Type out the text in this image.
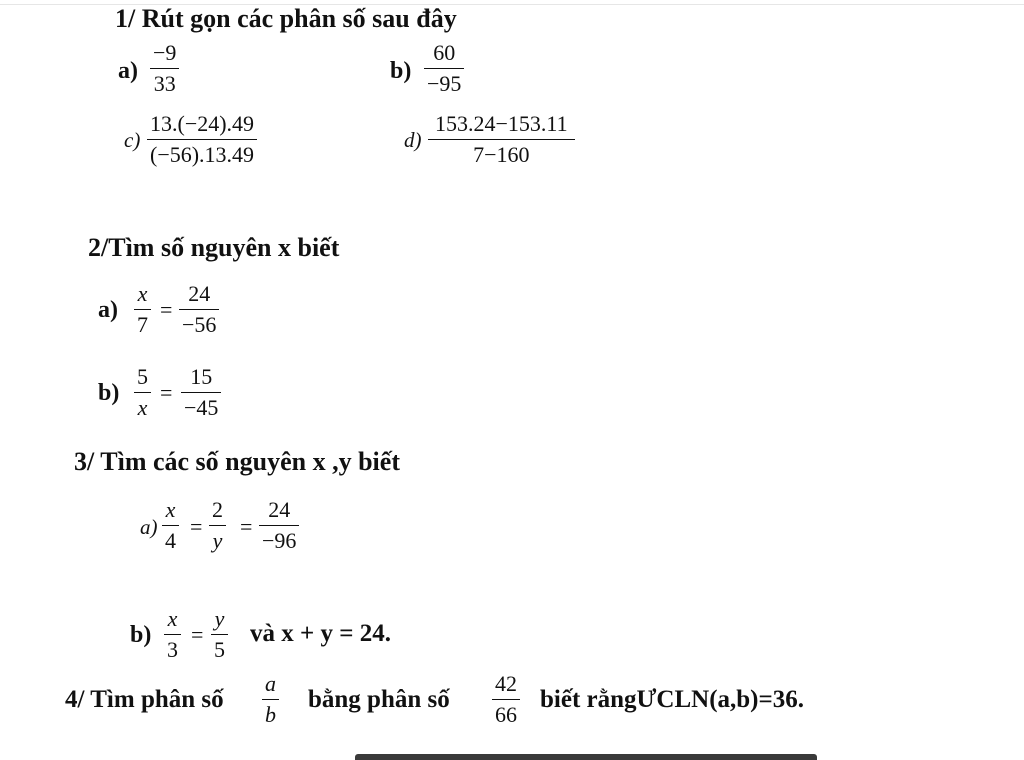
1/ Rút gọn các phân số sau đây
a)
−9
33	b)
60
−95
c)
13.(−24).49
(−56).13.49
d)
153.24−153.11
7−160
2/Tìm số nguyên x biết
a)
x
7
=
24
−56
b)
5
x
=
15
−45
3/ Tìm các số nguyên x ,y biết
a)
x
4
=
2
y
=
24
−96
b)
x
3
=
y
5
và x + y = 24.
4/ Tìm phân số
a
b
bằng phân số
42
66
biết rằngƯCLN(a,b)=36.
